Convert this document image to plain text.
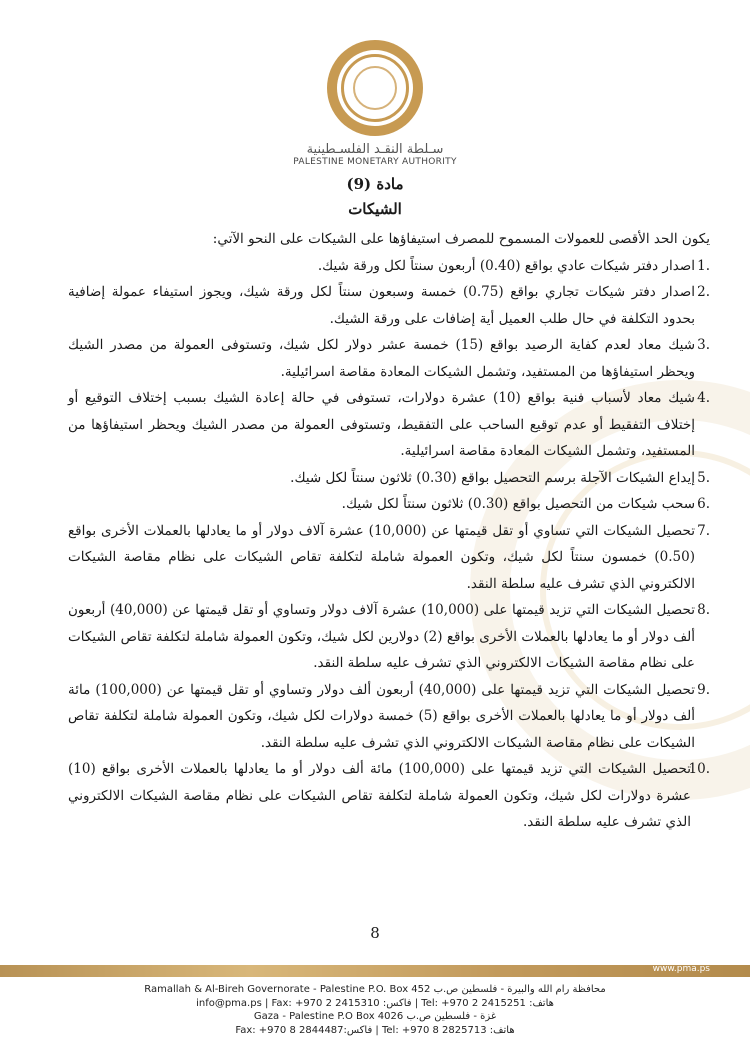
سـلطة النقـد الفلسـطينية
PALESTINE MONETARY AUTHORITY
مادة (9)
الشيكات

يكون الحد الأقصى للعمولات المسموح للمصرف استيفاؤها على الشيكات على النحو الآتي:

.1
اصدار دفتر شيكات عادي بواقع (0.40) أربعون سنتاً لكل ورقة شيك.

.2
اصدار دفتر شيكات تجاري بواقع (0.75) خمسة وسبعون سنتاً لكل ورقة شيك، ويجوز استيفاء عمولة إضافية بحدود التكلفة في حال طلب العميل أية إضافات على ورقة الشيك.

.3
شيك معاد لعدم كفاية الرصيد بواقع (15) خمسة عشر دولار لكل شيك، وتستوفى العمولة من مصدر الشيك ويحظر استيفاؤها من المستفيد، وتشمل الشيكات المعادة مقاصة اسرائيلية.

.4
شيك معاد لأسباب فنية بواقع (10) عشرة دولارات، تستوفى في حالة إعادة الشيك بسبب إختلاف التوقيع أو إختلاف التفقيط أو عدم توقيع الساحب على التفقيط، وتستوفى العمولة من مصدر الشيك ويحظر استيفاؤها من المستفيد، وتشمل الشيكات المعادة مقاصة اسرائيلية.

.5
إيداع الشيكات الآجلة برسم التحصيل بواقع (0.30) ثلاثون سنتاً لكل شيك.

.6
سحب شيكات من التحصيل بواقع (0.30) ثلاثون سنتاً لكل شيك.

.7
تحصيل الشيكات التي تساوي أو تقل قيمتها عن (10,000) عشرة آلاف دولار أو ما يعادلها بالعملات الأخرى بواقع (0.50) خمسون سنتاً لكل شيك، وتكون العمولة شاملة لتكلفة تقاص الشيكات على نظام مقاصة الشيكات الالكتروني الذي تشرف عليه سلطة النقد.

.8
تحصيل الشيكات التي تزيد قيمتها على (10,000) عشرة آلاف دولار وتساوي أو تقل قيمتها عن (40,000) أربعون ألف دولار أو ما يعادلها بالعملات الأخرى بواقع (2) دولارين لكل شيك، وتكون العمولة شاملة لتكلفة تقاص الشيكات على نظام مقاصة الشيكات الالكتروني الذي تشرف عليه سلطة النقد.

.9
تحصيل الشيكات التي تزيد قيمتها على (40,000) أربعون ألف دولار وتساوي أو تقل قيمتها عن (100,000) مائة ألف دولار أو ما يعادلها بالعملات الأخرى بواقع (5) خمسة دولارات لكل شيك، وتكون العمولة شاملة لتكلفة تقاص الشيكات على نظام مقاصة الشيكات الالكتروني الذي تشرف عليه سلطة النقد.

.10
تحصيل الشيكات التي تزيد قيمتها على (100,000) مائة ألف دولار أو ما يعادلها بالعملات الأخرى بواقع (10) عشرة دولارات لكل شيك، وتكون العمولة شاملة لتكلفة تقاص الشيكات على نظام مقاصة الشيكات الالكتروني الذي تشرف عليه سلطة النقد.

8
www.pma.ps
Ramallah & Al-Bireh Governorate - Palestine P.O. Box 452 محافظة رام الله والبيرة - فلسطين ص.ب
info@pma.ps | Fax: +970 2 2415310 :فاكس | Tel: +970 2 2415251 :هاتف
Gaza - Palestine P.O Box 4026 غزة - فلسطين ص.ب
Fax: +970 8 2844487:فاكس | Tel: +970 8 2825713 :هاتف
